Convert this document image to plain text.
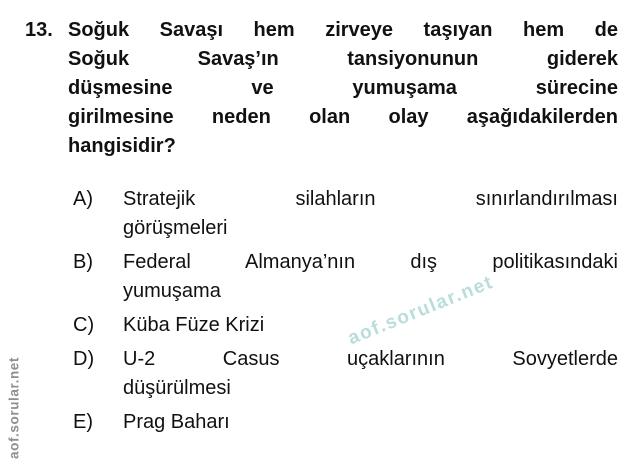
aof.sorular.net
aof.sorular.net
13. Soğuk Savaşı hem zirveye taşıyan hem de
Soğuk Savaş’ın tansiyonunun giderek
düşmesine ve yumuşama sürecine
girilmesine neden olan olay aşağıdakilerden
hangisidir?
A)	Stratejik silahların sınırlandırılması
görüşmeleri
B)	Federal Almanya’nın dış politikasındaki
yumuşama
C)	Küba Füze Krizi
D)	U-2 Casus uçaklarının Sovyetlerde
düşürülmesi
E)	Prag Baharı
